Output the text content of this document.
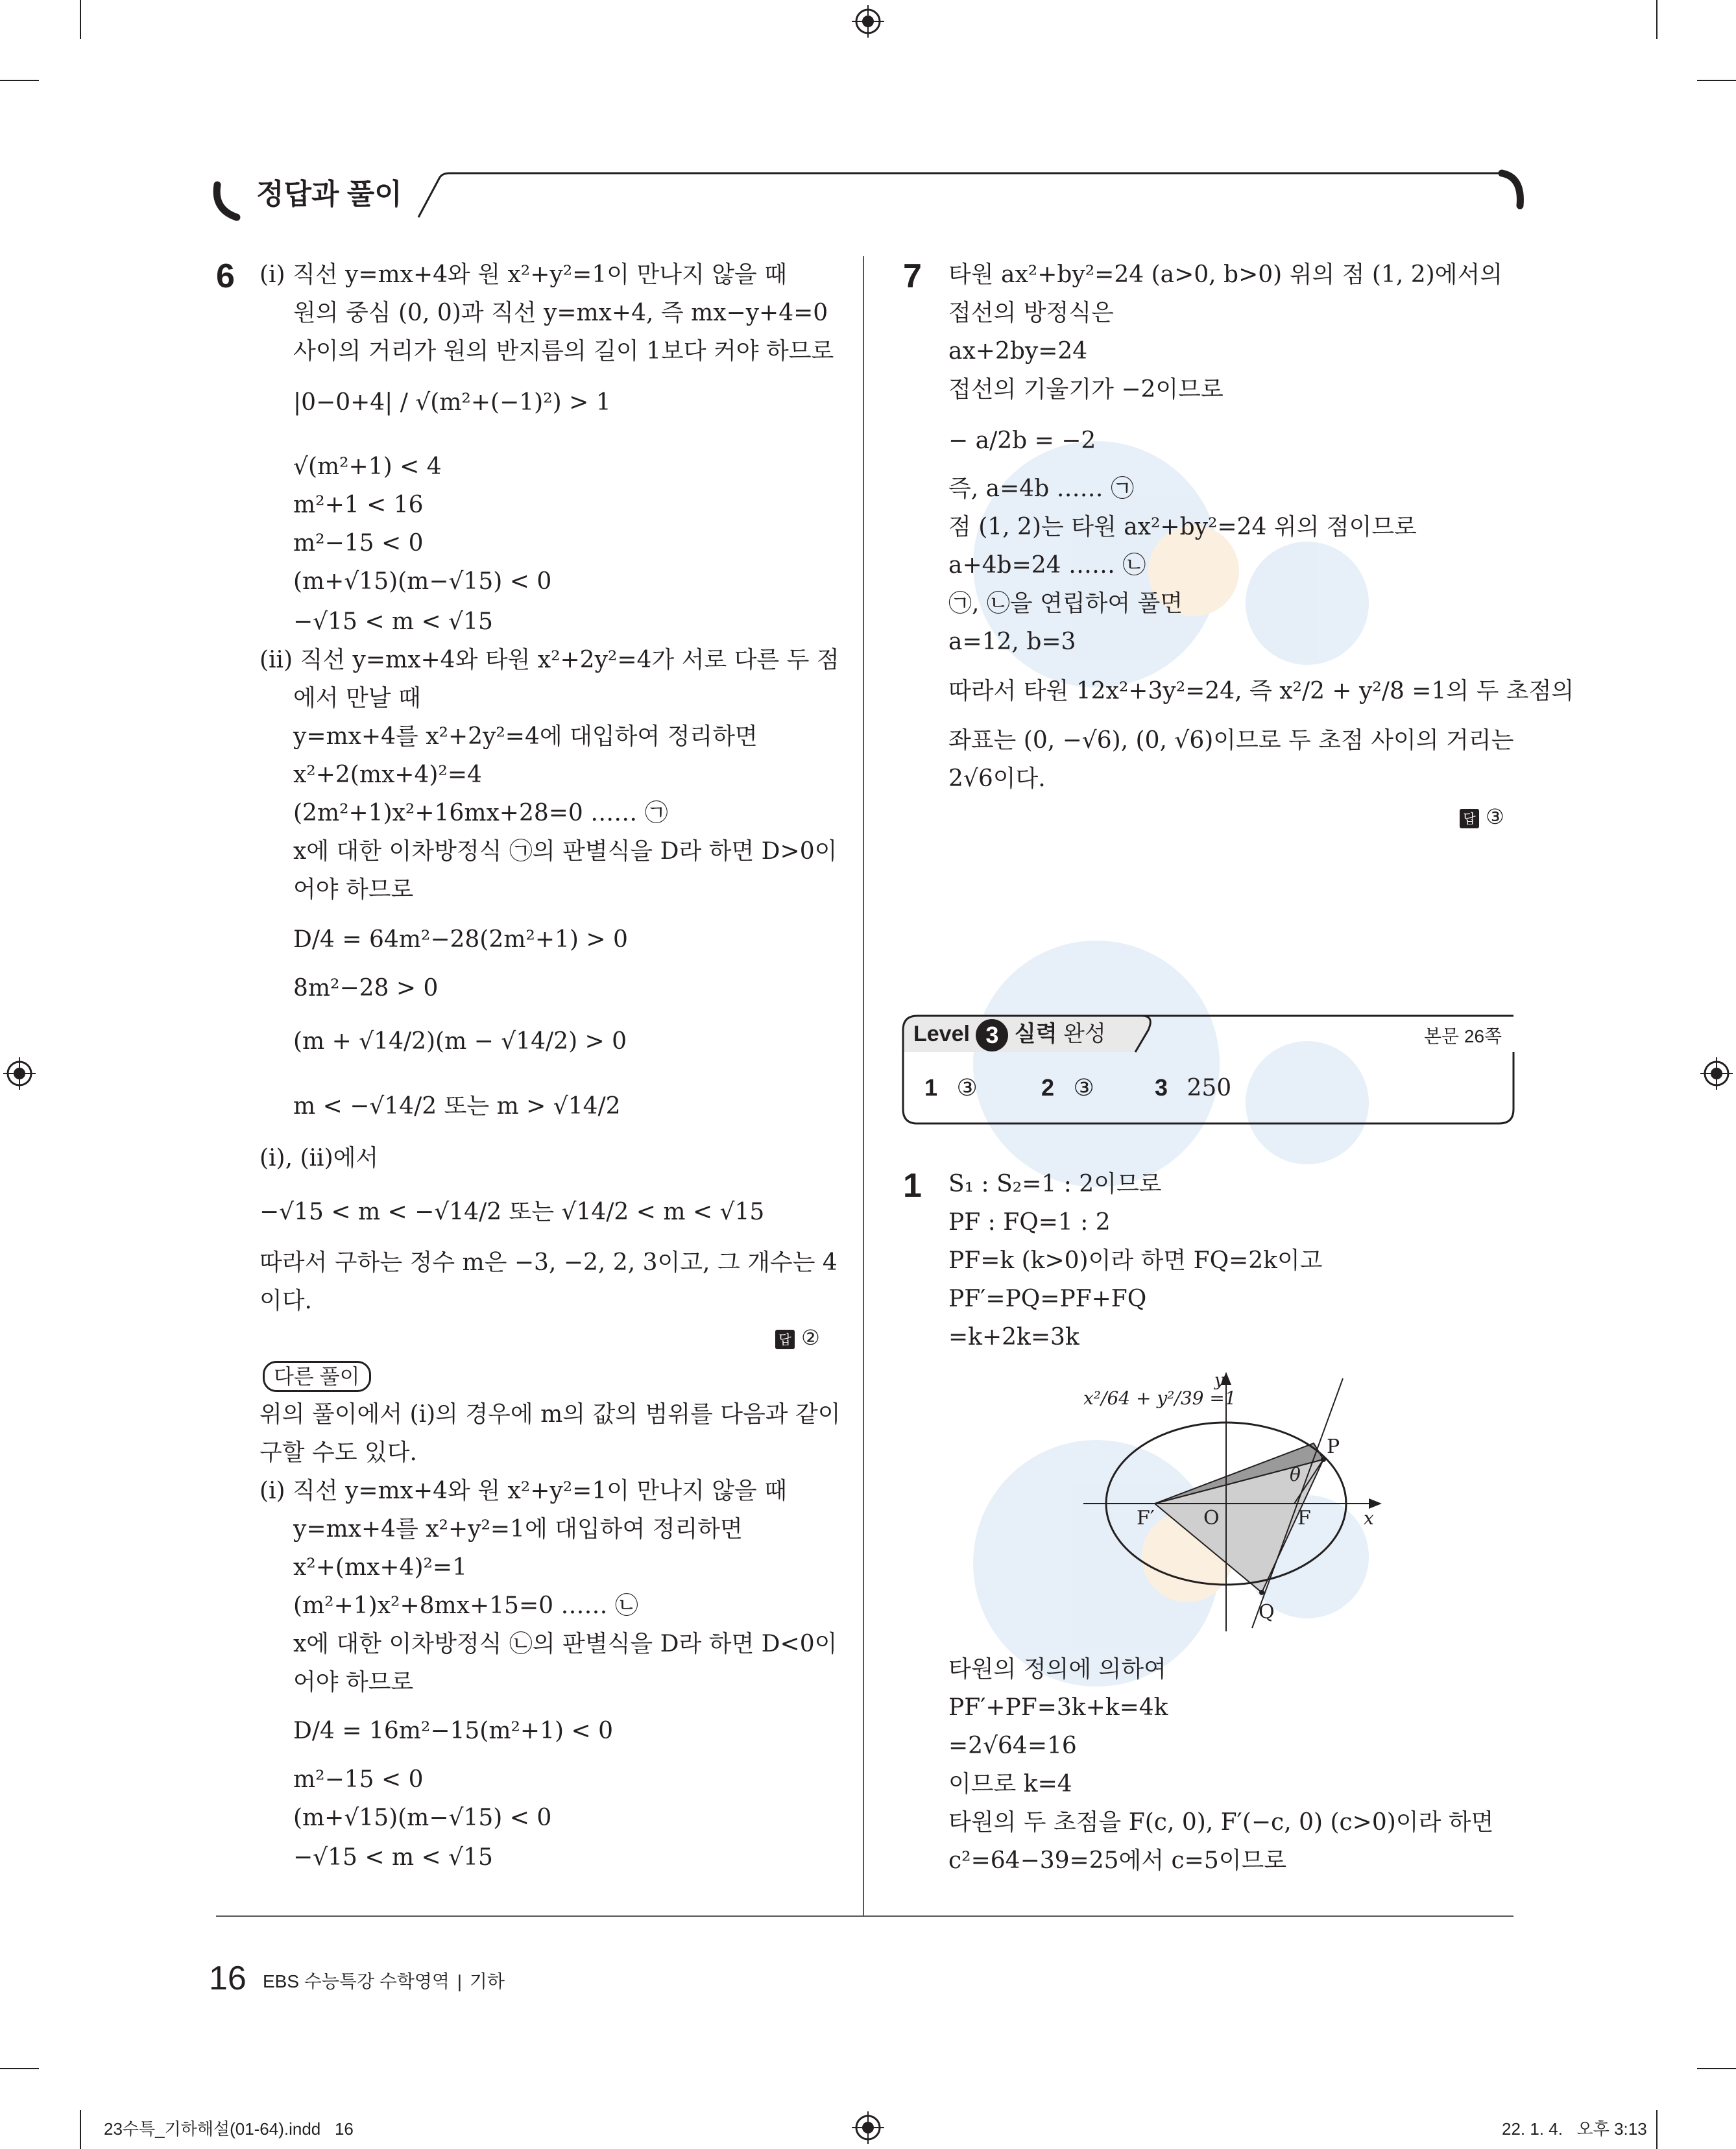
정답과 풀이
6 (ⅰ) 직선 y=mx+4와 원 x²+y²=1이 만나지 않을 때
원의 중심 (0, 0)과 직선 y=mx+4, 즉 mx−y+4=0
사이의 거리가 원의 반지름의 길이 1보다 커야 하므로
|0−0+4| / √(m²+(−1)²) > 1
√(m²+1) < 4
m²+1 < 16
m²−15 < 0
(m+√15)(m−√15) < 0
−√15 < m < √15
(ⅱ) 직선 y=mx+4와 타원 x²+2y²=4가 서로 다른 두 점
에서 만날 때
y=mx+4를 x²+2y²=4에 대입하여 정리하면
x²+2(mx+4)²=4
(2m²+1)x²+16mx+28=0 …… ㉠
x에 대한 이차방정식 ㉠의 판별식을 D라 하면 D>0이
어야 하므로
D/4 = 64m²−28(2m²+1) > 0
8m²−28 > 0
(m + √14/2)(m − √14/2) > 0
m < −√14/2 또는 m > √14/2
(ⅰ), (ⅱ)에서
−√15 < m < −√14/2 또는 √14/2 < m < √15
따라서 구하는 정수 m은 −3, −2, 2, 3이고, 그 개수는 4
이다.
답 ②
다른 풀이
위의 풀이에서 (ⅰ)의 경우에 m의 값의 범위를 다음과 같이
구할 수도 있다.
(ⅰ) 직선 y=mx+4와 원 x²+y²=1이 만나지 않을 때
y=mx+4를 x²+y²=1에 대입하여 정리하면
x²+(mx+4)²=1
(m²+1)x²+8mx+15=0 …… ㉡
x에 대한 이차방정식 ㉡의 판별식을 D라 하면 D<0이
어야 하므로
D/4 = 16m²−15(m²+1) < 0
m²−15 < 0
(m+√15)(m−√15) < 0
−√15 < m < √15
7 타원 ax²+by²=24 (a>0, b>0) 위의 점 (1, 2)에서의
접선의 방정식은
ax+2by=24
접선의 기울기가 −2이므로
− a/2b = −2
즉, a=4b …… ㉠
점 (1, 2)는 타원 ax²+by²=24 위의 점이므로
a+4b=24 …… ㉡
㉠, ㉡을 연립하여 풀면
a=12, b=3
따라서 타원 12x²+3y²=24, 즉 x²/2 + y²/8 =1의 두 초점의
좌표는 (0, −√6), (0, √6)이므로 두 초점 사이의 거리는
2√6이다.
답 ③
Level 3 실력 완성	본문 26쪽
1 ③	2 ③	3 250
1 S₁ : S₂=1 : 2이므로
PF : FQ=1 : 2
PF=k (k>0)이라 하면 FQ=2k이고
PF′=PQ=PF+FQ
=k+2k=3k
x²/64 + y²/39 =1
y
x
P
Q
F
F′	O
θ
타원의 정의에 의하여
PF′+PF=3k+k=4k
=2√64=16
이므로 k=4
타원의 두 초점을 F(c, 0), F′(−c, 0) (c>0)이라 하면
c²=64−39=25에서 c=5이므로
16 EBS 수능특강 수학영역 | 기하
23수특_기하해설(01-64).indd   16	22. 1. 4.   오후 3:13
